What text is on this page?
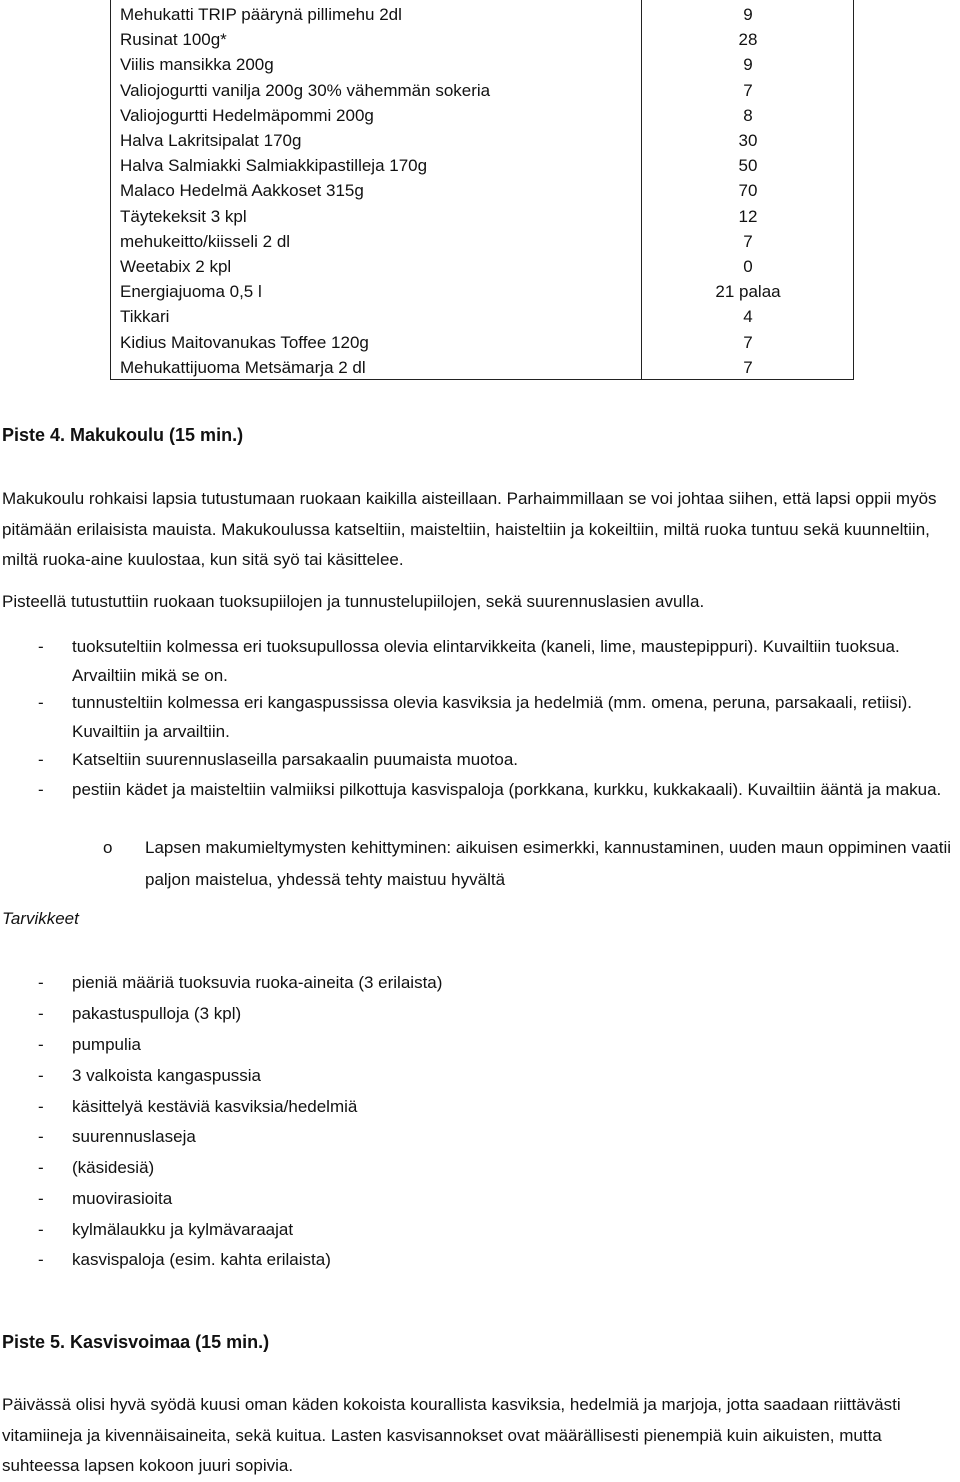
Mehukatti TRIP päärynä pillimehu 2dl	9
Rusinat 100g*	28
Viilis mansikka 200g	9
Valiojogurtti vanilja 200g 30% vähemmän sokeria	7
Valiojogurtti Hedelmäpommi 200g	8
Halva Lakritsipalat 170g	30
Halva Salmiakki Salmiakkipastilleja 170g	50
Malaco Hedelmä Aakkoset 315g	70
Täytekeksit 3 kpl	12
mehukeitto/kiisseli 2 dl	7
Weetabix 2 kpl	0
Energiajuoma 0,5 l	21 palaa
Tikkari	4
Kidius Maitovanukas Toffee 120g	7
Mehukattijuoma Metsämarja 2 dl	7
Piste 4. Makukoulu (15 min.)

Makukoulu rohkaisi lapsia tutustumaan ruokaan kaikilla aisteillaan. Parhaimmillaan se voi johtaa siihen, että lapsi oppii myös pitämään erilaisista mauista. Makukoulussa katseltiin, maisteltiin, haisteltiin ja kokeiltiin, miltä ruoka tuntuu sekä kuunneltiin, miltä ruoka-aine kuulostaa, kun sitä syö tai käsittelee.

Pisteellä tutustuttiin ruokaan tuoksupiilojen ja tunnustelupiilojen, sekä suurennuslasien avulla.

- tuoksuteltiin kolmessa eri tuoksupullossa olevia elintarvikkeita (kaneli, lime, maustepippuri). Kuvailtiin tuoksua. Arvailtiin mikä se on.
- tunnusteltiin kolmessa eri kangaspussissa olevia kasviksia ja hedelmiä (mm. omena, peruna, parsakaali, retiisi). Kuvailtiin ja arvailtiin.
- Katseltiin suurennuslaseilla parsakaalin puumaista muotoa.
- pestiin kädet ja maisteltiin valmiiksi pilkottuja kasvispaloja (porkkana, kurkku, kukkakaali). Kuvailtiin ääntä ja makua.
o Lapsen makumieltymysten kehittyminen: aikuisen esimerkki, kannustaminen, uuden maun oppiminen vaatii paljon maistelua, yhdessä tehty maistuu hyvältä
Tarvikkeet
- pieniä määriä tuoksuvia ruoka-aineita (3 erilaista)
- pakastuspulloja (3 kpl)
- pumpulia
- 3 valkoista kangaspussia
- käsittelyä kestäviä kasviksia/hedelmiä
- suurennuslaseja
- (käsidesiä)
- muovirasioita
- kylmälaukku ja kylmävaraajat
- kasvispaloja (esim. kahta erilaista)
Piste 5. Kasvisvoimaa (15 min.)

Päivässä olisi hyvä syödä kuusi oman käden kokoista kourallista kasviksia, hedelmiä ja marjoja, jotta saadaan riittävästi vitamiineja ja kivennäisaineita, sekä kuitua. Lasten kasvisannokset ovat määrällisesti pienempiä kuin aikuisten, mutta suhteessa lapsen kokoon juuri sopivia.
